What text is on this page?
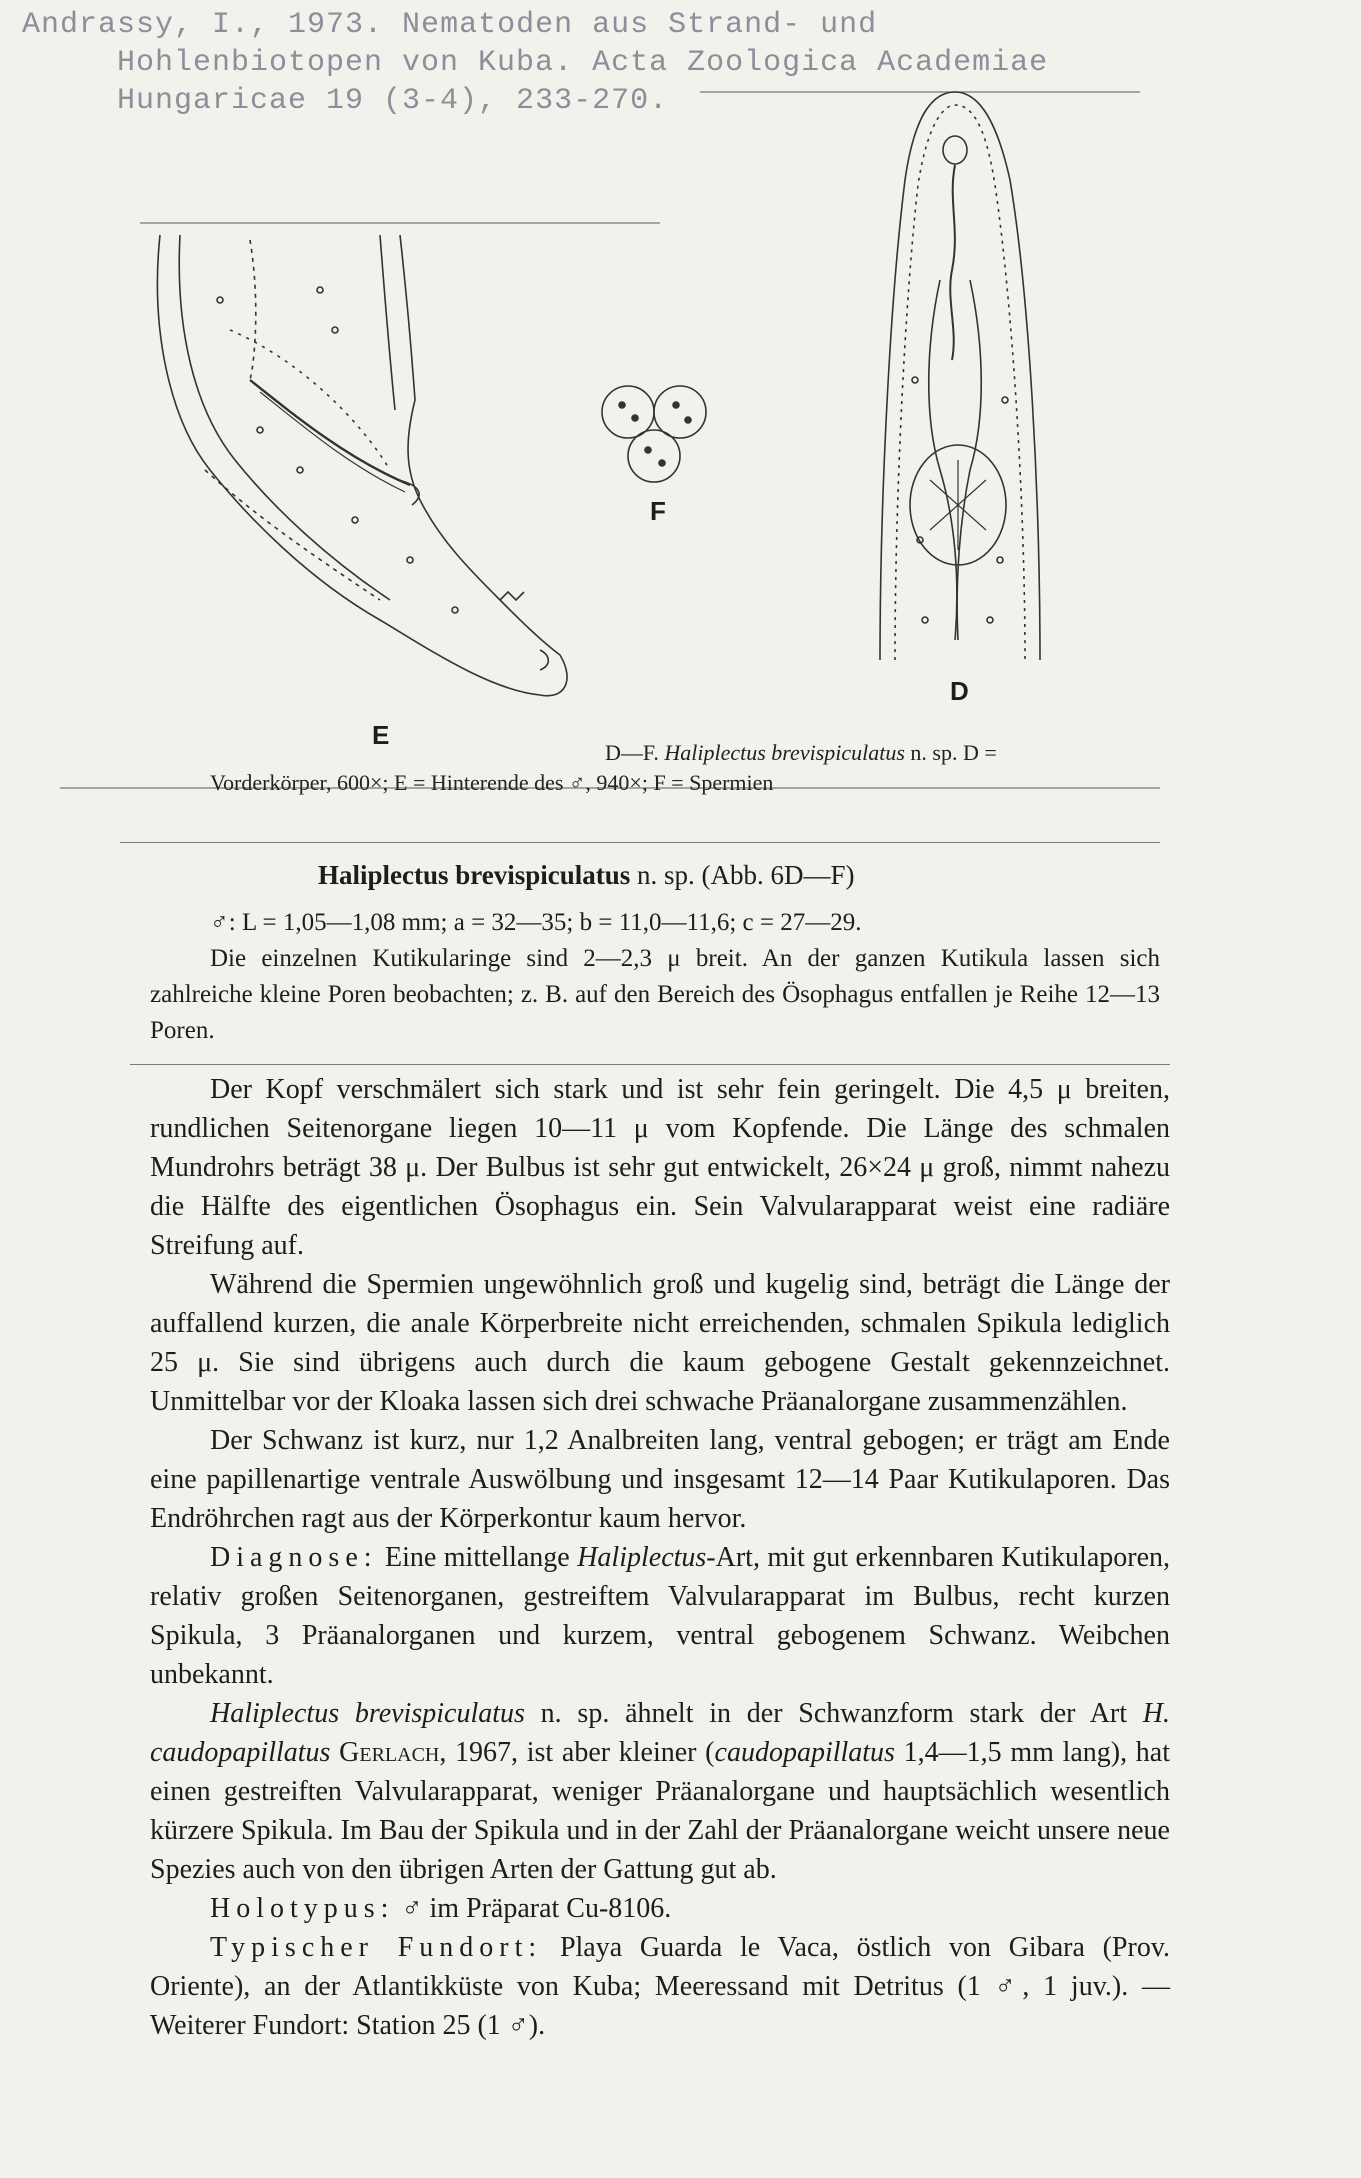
Andrassy, I., 1973. Nematoden aus Strand- und
Hohlenbiotopen von Kuba. Acta Zoologica Academiae
Hungaricae 19 (3-4), 233-270.
E
F
D
D—F. Haliplectus brevispiculatus n. sp. D =
Vorderkörper, 600×; E = Hinterende des ♂, 940×; F = Spermien
Haliplectus brevispiculatus n. sp. (Abb. 6D—F)

♂: L = 1,05—1,08 mm; a = 32—35; b = 11,0—11,6; c = 27—29.

Die einzelnen Kutikularinge sind 2—2,3 μ breit. An der ganzen Kutikula lassen sich zahlreiche kleine Poren beobachten; z. B. auf den Bereich des Ösophagus entfallen je Reihe 12—13 Poren.

Der Kopf verschmälert sich stark und ist sehr fein geringelt. Die 4,5 μ breiten, rundlichen Seitenorgane liegen 10—11 μ vom Kopfende. Die Länge des schmalen Mundrohrs beträgt 38 μ. Der Bulbus ist sehr gut entwickelt, 26×24 μ groß, nimmt nahezu die Hälfte des eigentlichen Ösophagus ein. Sein Valvularapparat weist eine radiäre Streifung auf.

Während die Spermien ungewöhnlich groß und kugelig sind, beträgt die Länge der auffallend kurzen, die anale Körperbreite nicht erreichenden, schmalen Spikula lediglich 25 μ. Sie sind übrigens auch durch die kaum gebogene Gestalt gekennzeichnet. Unmittelbar vor der Kloaka lassen sich drei schwache Präanalorgane zusammenzählen.

Der Schwanz ist kurz, nur 1,2 Analbreiten lang, ventral gebogen; er trägt am Ende eine papillenartige ventrale Auswölbung und insgesamt 12—14 Paar Kutikulaporen. Das Endröhrchen ragt aus der Körperkontur kaum hervor.

Diagnose: Eine mittellange Haliplectus-Art, mit gut erkennbaren Kutikulaporen, relativ großen Seitenorganen, gestreiftem Valvularapparat im Bulbus, recht kurzen Spikula, 3 Präanalorganen und kurzem, ventral gebogenem Schwanz. Weibchen unbekannt.

Haliplectus brevispiculatus n. sp. ähnelt in der Schwanzform stark der Art H. caudopapillatus Gerlach, 1967, ist aber kleiner (caudopapillatus 1,4—1,5 mm lang), hat einen gestreiften Valvularapparat, weniger Präanalorgane und hauptsächlich wesentlich kürzere Spikula. Im Bau der Spikula und in der Zahl der Präanalorgane weicht unsere neue Spezies auch von den übrigen Arten der Gattung gut ab.

Holotypus: ♂ im Präparat Cu-8106.

Typischer Fundort: Playa Guarda le Vaca, östlich von Gibara (Prov. Oriente), an der Atlantikküste von Kuba; Meeressand mit Detritus (1 ♂, 1 juv.). — Weiterer Fundort: Station 25 (1 ♂).
